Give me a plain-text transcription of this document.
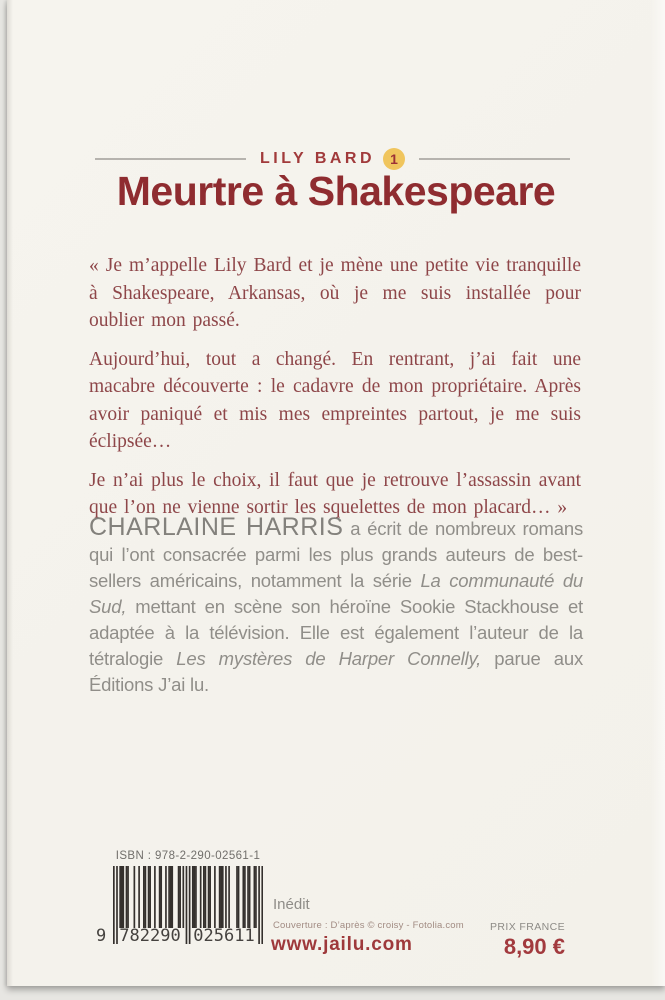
LILY BARD 1
Meurtre à Shakespeare

« Je m’appelle Lily Bard et je mène une petite vie tranquille à Shakespeare, Arkansas, où je me suis installée pour oublier mon passé.

Aujourd’hui, tout a changé. En rentrant, j’ai fait une macabre découverte : le cadavre de mon propriétaire. Après avoir paniqué et mis mes empreintes partout, je me suis éclipsée…

Je n’ai plus le choix, il faut que je retrouve l’assassin avant que l’on ne vienne sortir les squelettes de mon placard… »

CHARLAINE HARRIS a écrit de nombreux romans qui l’ont consacrée parmi les plus grands auteurs de best-sellers américains, notamment la série La communauté du Sud, mettant en scène son héroïne Sookie Stackhouse et adaptée à la télévision. Elle est également l’auteur de la tétralogie Les mystères de Harper Connelly, parue aux Éditions J’ai lu.
ISBN : 978-2-290-02561-1
9 782290 025611
Inédit
Couverture : D’après © croisy - Fotolia.com
www.jailu.com
PRIX FRANCE
8,90 €
